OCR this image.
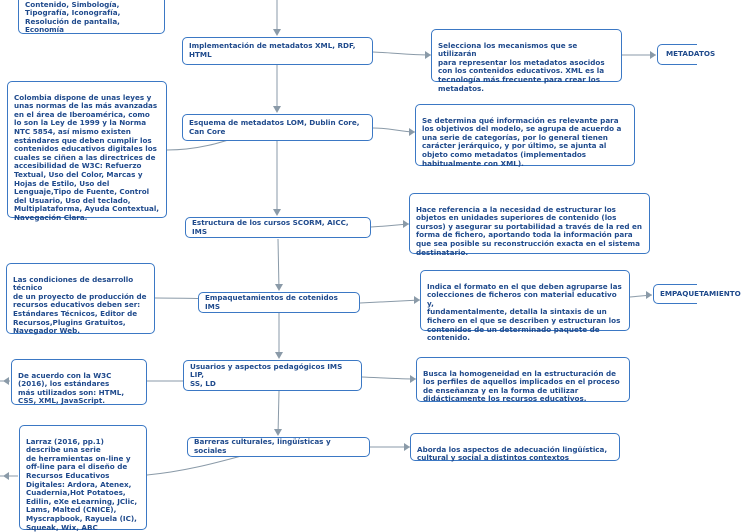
Contenido, Simbología,
Tipografía, Iconografía,
Resolución de pantalla,
Economía

Colombia dispone de unas leyes y
unas normas de las más avanzadas
en el área de Iberoamérica, como
lo son la Ley de 1999 y la Norma
NTC 5854, así mismo existen
estándares que deben cumplir los
contenidos educativos digitales los
cuales se ciñen a las directrices de
accesibilidad de W3C: Refuerzo
Textual, Uso del Color, Marcas y
Hojas de Estilo, Uso del
Lenguaje,Tipo de Fuente, Control
del Usuario, Uso del teclado,
Multiplataforma, Ayuda Contextual,
Navegación Clara.

Las condiciones de desarrollo
técnico
de un proyecto de producción de
recursos educativos deben ser:
Estándares Técnicos, Editor de
Recursos,Plugins Gratuitos,
Navegador Web.

De acuerdo con la W3C
(2016), los estándares
más utilizados son: HTML,
CSS, XML, JavaScript.

Larraz (2016, pp.1)
describe una serie
de herramientas on-line y
off-line para el diseño de
Recursos Educativos
Digitales: Ardora, Atenex,
Cuadernia,Hot Potatoes,
Edilin, eXe eLearning, JClic,
Lams, Malted (CNICE),
Myscrapbook, Rayuela (IC),
Squeak, Wix, ABC

Implementación de metadatos XML, RDF,
HTML
Esquema de metadatos LOM, Dublin Core,
Can Core
Estructura de los cursos SCORM, AICC, IMS
Empaquetamientos de cotenidos IMS
Usuarios y aspectos pedagógicos IMS LIP,
SS, LD
Barreras culturales, lingüísticas y sociales

Seleccionа los mecanismos que se utilizarán
para representar los metadatos asocidos
con los contenidos educativos. XML es la
tecnología más frecuente para crear los
metadatos.

Se determina qué información es relevante para
los objetivos del modelo, se agrupa de acuerdo a
una serie de categorías, por lo general tienen
carácter jerárquico, y por último, se ajunta al
objeto como metadatos (implementados
habitualmente con XML).

Hace referencia a la necesidad de estructurar los
objetos en unidades superiores de contenido (los
cursos) y asegurar su portabilidad a través de la red en
forma de fichero, aportando toda la información para
que sea posible su reconstrucción exacta en el sistema
destinatario.

Indica el formato en el que deben agruparse las
colecciones de ficheros con material educativo y,
fundamentalmente, detalla la sintaxis de un
fichero en el que se describen y estructuran los
contenidos de un determinado paquete de
contenido.

Busca la homogeneidad en la estructuración de
los perfiles de aquellos implicados en el proceso
de enseñanza y en la forma de utilizar
didácticamente los recursos educativos.

Aborda los aspectos de adecuación lingüística,
cultural y social a distintos contextos

METADATOS
EMPAQUETAMIENTO
